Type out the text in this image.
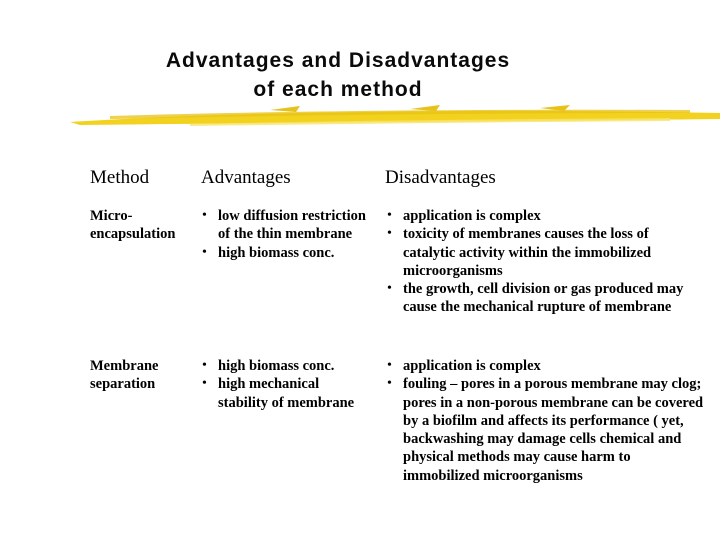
Advantages and Disadvantages
of each method
Method	Advantages	Disadvantages
Micro-
encapsulation
• low diffusion restriction of the thin membrane
• high biomass conc.
• application is complex
• toxicity of membranes causes the loss of catalytic activity within the immobilized microorganisms
• the growth, cell division or gas produced may cause the mechanical rupture of membrane
Membrane
separation
• high biomass conc.
• high mechanical stability of membrane
• application is complex
• fouling – pores in a porous membrane may clog; pores in a non-porous membrane can be covered by a biofilm and affects its performance ( yet, backwashing may damage cells chemical and physical methods may cause harm to immobilized microorganisms
